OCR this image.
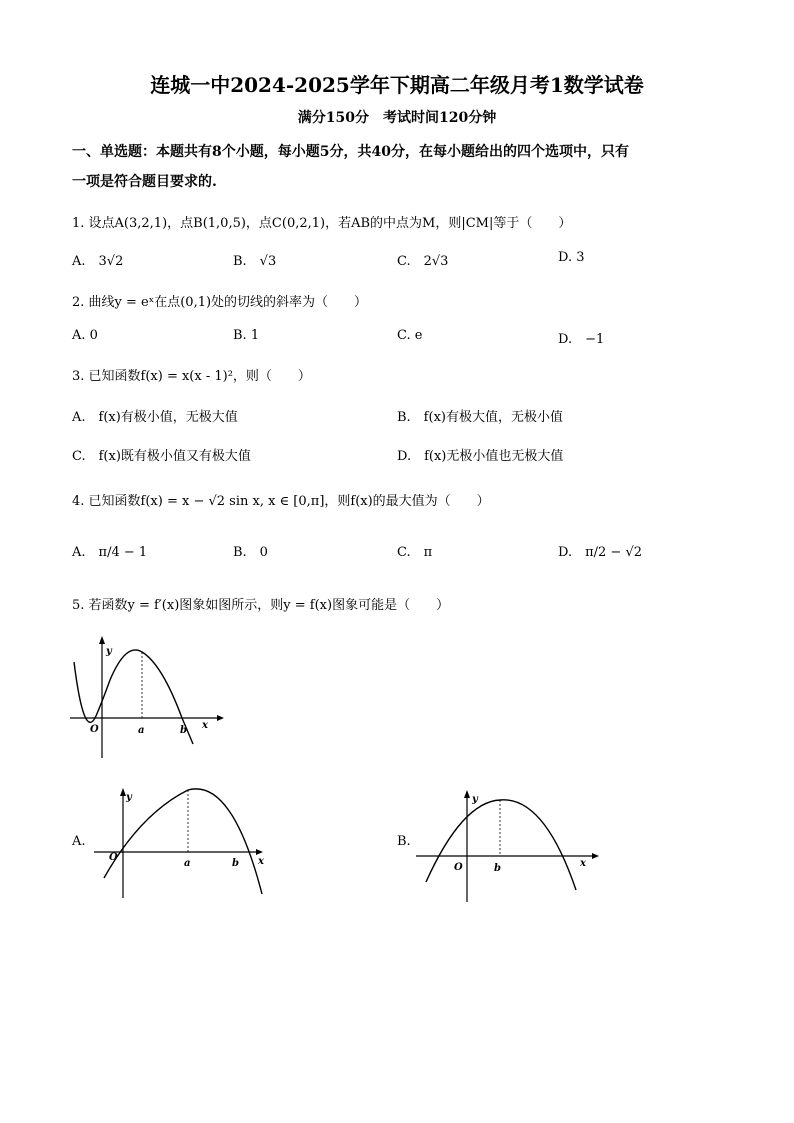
连城一中2024-2025学年下期高二年级月考1数学试卷
满分150分　考试时间120分钟
一、单选题：本题共有8个小题，每小题5分，共40分，在每小题给出的四个选项中，只有
一项是符合题目要求的.
1. 设点A(3,2,1)，点B(1,0,5)，点C(0,2,1)，若AB的中点为M，则|CM|等于（　　）
A.　3√2	B.　√3	C.　2√3	D. 3
2. 曲线y = eˣ在点(0,1)处的切线的斜率为（　　）
A. 0	B. 1	C. e	D.　−1
3. 已知函数f(x) = x(x - 1)²，则（　　）
A.　f(x)有极小值，无极大值	B.　f(x)有极大值，无极小值
C.　f(x)既有极小值又有极大值	D.　f(x)无极小值也无极大值
4. 已知函数f(x) = x − √2 sin x, x ∈ [0,π]，则f(x)的最大值为（　　）
A.　π/4 − 1	B.　0	C.　π	D.　π/2 − √2
5. 若函数y = f′(x)图象如图所示，则y = f(x)图象可能是（　　）
y
O	a	b x
A.
y
O
a	b x
B.
y
O	b	x
